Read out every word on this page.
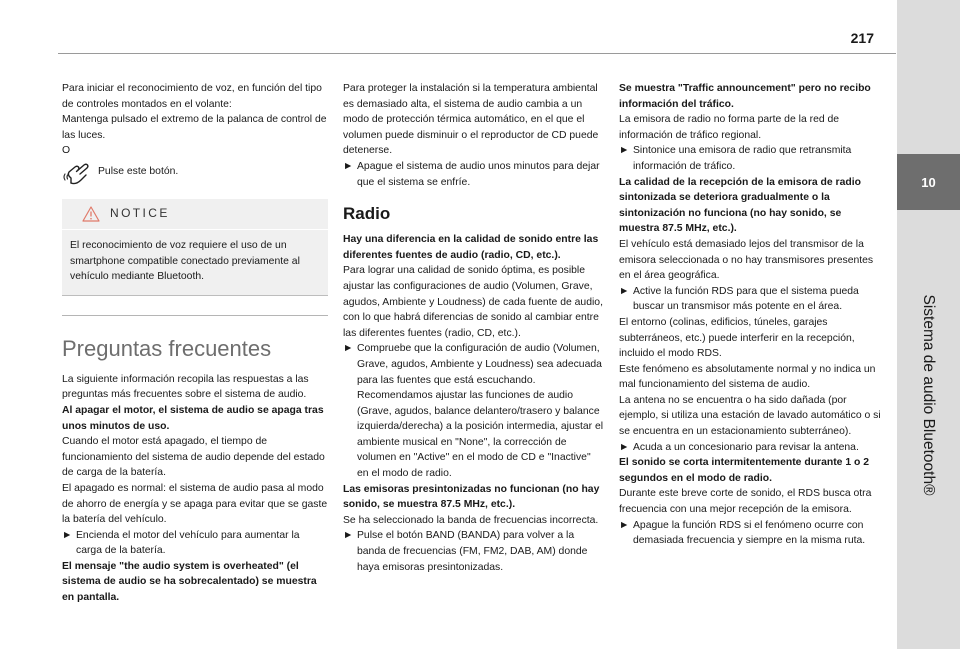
10
Sistema de audio Bluetooth®
217

Para iniciar el reconocimiento de voz, en función del tipo de controles montados en el volante:

Mantenga pulsado el extremo de la palanca de control de las luces.

O

Pulse este botón.
NOTICE

El reconocimiento de voz requiere el uso de un smartphone compatible conectado previamente al vehículo mediante Bluetooth.

Preguntas frecuentes

La siguiente información recopila las respuestas a las preguntas más frecuentes sobre el sistema de audio.

Al apagar el motor, el sistema de audio se apaga tras unos minutos de uso.

Cuando el motor está apagado, el tiempo de funcionamiento del sistema de audio depende del estado de carga de la batería.

El apagado es normal: el sistema de audio pasa al modo de ahorro de energía y se apaga para evitar que se gaste la batería del vehículo.

► Encienda el motor del vehículo para aumentar la carga de la batería.

El mensaje "the audio system is overheated" (el sistema de audio se ha sobrecalentado) se muestra en pantalla.

Para proteger la instalación si la temperatura ambiental es demasiado alta, el sistema de audio cambia a un modo de protección térmica automático, en el que el volumen puede disminuir o el reproductor de CD puede detenerse.

► Apague el sistema de audio unos minutos para dejar que el sistema se enfríe.
Radio

Hay una diferencia en la calidad de sonido entre las diferentes fuentes de audio (radio, CD, etc.).

Para lograr una calidad de sonido óptima, es posible ajustar las configuraciones de audio (Volumen, Grave, agudos, Ambiente y Loudness) de cada fuente de audio, con lo que habrá diferencias de sonido al cambiar entre las diferentes fuentes (radio, CD, etc.).

► Compruebe que la configuración de audio (Volumen, Grave, agudos, Ambiente y Loudness) sea adecuada para las fuentes que está escuchando. Recomendamos ajustar las funciones de audio (Grave, agudos, balance delantero/trasero y balance izquierda/derecha) a la posición intermedia, ajustar el ambiente musical en "None", la corrección de volumen en "Active" en el modo de CD e "Inactive" en el modo de radio.

Las emisoras presintonizadas no funcionan (no hay sonido, se muestra 87.5 MHz, etc.).

Se ha seleccionado la banda de frecuencias incorrecta.

► Pulse el botón BAND (BANDA) para volver a la banda de frecuencias (FM, FM2, DAB, AM) donde haya emisoras presintonizadas.

Se muestra "Traffic announcement" pero no recibo información del tráfico.

La emisora de radio no forma parte de la red de información de tráfico regional.

► Sintonice una emisora de radio que retransmita información de tráfico.

La calidad de la recepción de la emisora de radio sintonizada se deteriora gradualmente o la sintonización no funciona (no hay sonido, se muestra 87.5 MHz, etc.).

El vehículo está demasiado lejos del transmisor de la emisora seleccionada o no hay transmisores presentes en el área geográfica.

► Active la función RDS para que el sistema pueda buscar un transmisor más potente en el área.

El entorno (colinas, edificios, túneles, garajes subterráneos, etc.) puede interferir en la recepción, incluido el modo RDS.

Este fenómeno es absolutamente normal y no indica un mal funcionamiento del sistema de audio.

La antena no se encuentra o ha sido dañada (por ejemplo, si utiliza una estación de lavado automático o si se encuentra en un estacionamiento subterráneo).

► Acuda a un concesionario para revisar la antena.

El sonido se corta intermitentemente durante 1 o 2 segundos en el modo de radio.

Durante este breve corte de sonido, el RDS busca otra frecuencia con una mejor recepción de la emisora.

► Apague la función RDS si el fenómeno ocurre con demasiada frecuencia y siempre en la misma ruta.
